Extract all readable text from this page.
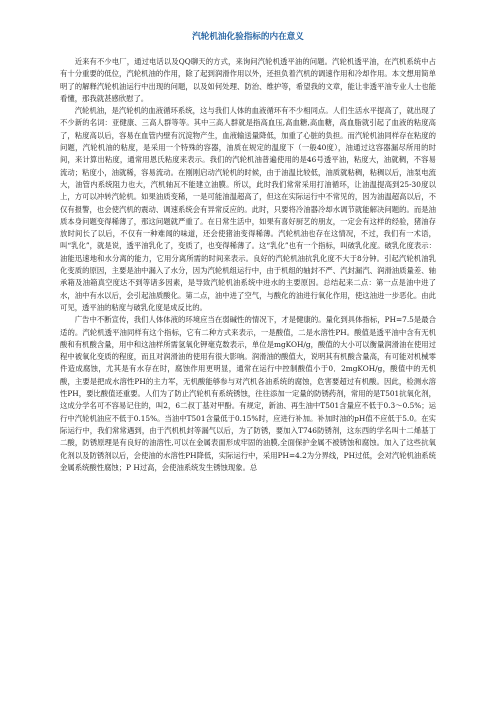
汽轮机油化验指标的内在意义

近来有不少电厂，通过电话以及QQ聊天的方式，来询问汽轮机透平油的问题。汽轮机透平油，在汽机系统中占有十分重要的低位，汽轮机油的作用，除了起到润滑作用以外，还担负着汽机的调速作用和冷却作用。本文想用简单明了的解释汽轮机油运行中出现的问题，以及如何处理、防治、维护等，希望我的文章，能让非透平油专业人士也能看懂，那我就甚感欣慰了。

汽轮机油，是汽轮机的血液循环系统，这与我们人体的血液循环有不少相同点。人们生活水平提高了，就出现了不少新的名词：亚健康、三高人群等等。其中三高人群就是指高血压,高血糖,高血糖，高血脂就引起了血液的粘度高了，粘度高以后，容易在血管内壁有沉淀物产生，血液输送量降低，加重了心脏的负担。而汽轮机油同样存在粘度的问题，汽轮机油的粘度，是采用一个特殊的容器，油质在规定的温度下（一般40度），油通过这容器漏尽所用的时间，来计算出粘度，通常用恩氏粘度来表示。我们的汽轮机油普遍使用的是46号透平油，粘度大，油就稠，不容易流动；粘度小，油就稀，容易流动。在刚刚启动汽轮机的时候，由于油温比较低，油质就粘稠，粘稠以后，油泵电流大，油管内系统阻力也大，汽机轴瓦不能建立油膜。所以，此时我们常常采用打油循环，让油温提高到25-30度以上，方可以冲转汽轮机。如果油质变稀，一是可能油温超高了，但这在实际运行中不常见的，因为油温超高以后，不仅有报警，也会使汽机的震动、调速系统会有异常反应的。此时，只要将冷油器冷却水调节就能解决问题的。而是油质本身问题变得稀薄了，那这问题就严重了。在日常生活中，如果有喜好厨艺的朋友，一定会有这样的经验，猪油存放时间长了以后，不仅有一种难闻的味道，还会使猪油变得稀薄。汽轮机油也存在这情况，不过，我们有一术语，叫“乳化”，就是说，透平油乳化了，变质了，也变得稀薄了。这“乳化”也有一个指标，叫破乳化度。破乳化度表示：油能迅速地和水分离的能力，它用分离所需的时间来表示。良好的汽轮机油抗乳化度不大于8分钟。引起汽轮机油乳化变质的原因，主要是油中漏入了水分，因为汽轮机组运行中，由于机组的轴封不严、汽封漏汽、润滑油质量差、轴承箱及油箱真空度达不到等诸多因素，是导致汽轮机油系统中进水的主要原因。总结起来二点：第一点是油中进了水，油中有水以后，会引起油质酸化。第二点，油中进了空气，与酸化的油进行氧化作用，使这油进一步恶化。由此可见，透平油的粘度与破乳化度是成反比的。

广告中不断宣传，我们人体体液的环境应当在弱碱性的情况下，才是健康的。量化到具体指标，PH=7.5是最合适的。汽轮机透平油同样有这个指标，它有二种方式来表示，一是酸值，二是水溶性PH。酸值是透平油中含有无机酸和有机酸含量，用中和这油样所需氢氧化钾毫克数表示，单位是mgKOH/g，酸值的大小可以衡量润滑油在使用过程中被氧化变质的程度，而且对润滑油的使用有很大影响。润滑油的酸值大，说明其有机酸含量高，有可能对机械零件造成腐蚀，尤其是有水存在时，腐蚀作用更明显，通常在运行中控制酸值小于0．2mgKOH/g，酸值中的无机酸，主要是把成水溶性PH的主力军，无机酸能够参与对汽机各油系统的腐蚀，危害要超过有机酸。因此，检测水溶性PH，要比酸值还重要。人们为了防止汽轮机有系统锈蚀，往往添加一定量的防锈药剂，常用的是T501抗氧化剂，这成分学名可不容易记住的，叫2，6二叔丁基对甲酚。有规定，新油、再生油中T501含量应不低于0.3～0.5%；运行中汽轮机油应不低于0.15%。当油中T501含量低于0.15%时，应进行补加。补加时油的pH值不应低于5.0。在实际运行中，我们常常遇到，由于汽机机封等漏气以后，为了防锈，要加入T746防锈剂，这东西的学名叫十二烯基丁二酸，防锈原理是有良好的油溶性,可以在金属表面形成牢固的油膜,全面保护金属不被锈蚀和腐蚀。加入了这些抗氧化剂以及防锈剂以后，会使油的水溶性PH降低，实际运行中，采用PH=4.2为分界线，PH过低，会对汽轮机油系统金属系统酸性腐蚀；P H过高，会使油系统发生锈蚀现象。总
